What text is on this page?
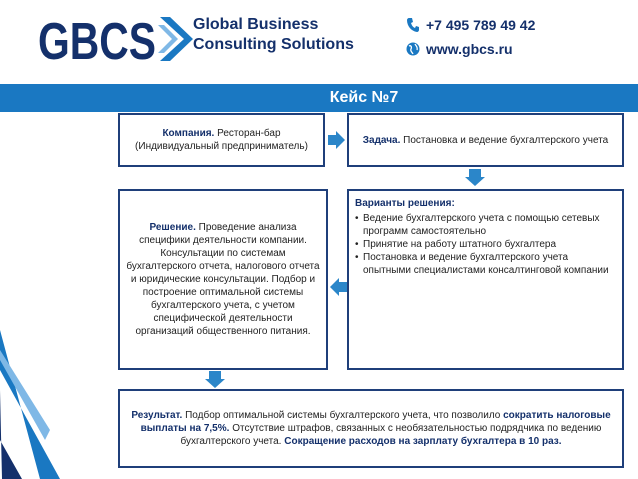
GBCS Global Business
Consulting Solutions
+7 495 789 49 42
www.gbcs.ru
Кейс №7
Компания. Ресторан-бар
(Индивидуальный предприниматель)
Задача. Постановка и ведение бухгалтерского учета
Решение. Проведение анализа специфики деятельности компании. Консультации по системам бухгалтерского отчета, налогового отчета и юридические консультации. Подбор и построение оптимальной системы бухгалтерского учета, с учетом специфической деятельности организаций общественного питания.
Варианты решения:
• Ведение бухгалтерского учета с помощью сетевых программ самостоятельно
• Принятие на работу штатного бухгалтера
• Постановка и ведение бухгалтерского учета опытными специалистами консалтинговой компании
Результат. Подбор оптимальной системы бухгалтерского учета, что позволило сократить налоговые выплаты на 7,5%. Отсутствие штрафов, связанных с необязательностью подрядчика по ведению бухгалтерского учета. Сокращение расходов на зарплату бухгалтера в 10 раз.
